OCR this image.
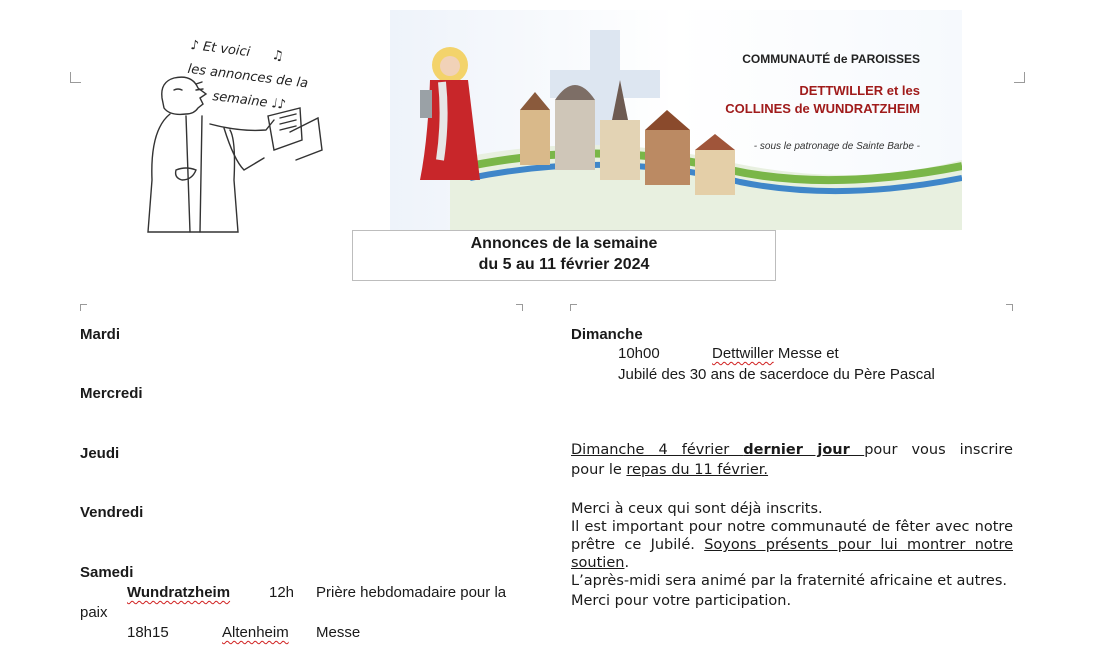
♪ Et voici ♫
les annonces de la
semaine ♩♪
COMMUNAUTÉ de PAROISSES
DETTWILLER et les
COLLINES de WUNDRATZHEIM
- sous le patronage de Sainte Barbe -
Annonces de la semaine
du 5 au 11 février 2024
Mardi
Mercredi
Jeudi
Vendredi
Samedi
Wundratzheim	12h Prière hebdomadaire pour la
paix
18h15	Altenheim Messe
Dimanche
10h00	Dettwiller Messe et
Jubilé des 30 ans de sacerdoce du Père Pascal
Dimanche 4 février dernier jour pour vous inscrire
pour le repas du 11 février.
Merci à ceux qui sont déjà inscrits.
Il est important pour notre communauté de fêter avec notre
prêtre ce Jubilé. Soyons présents pour lui montrer notre
soutien.
L’après-midi sera animé par la fraternité africaine et autres.
Merci pour votre participation.
